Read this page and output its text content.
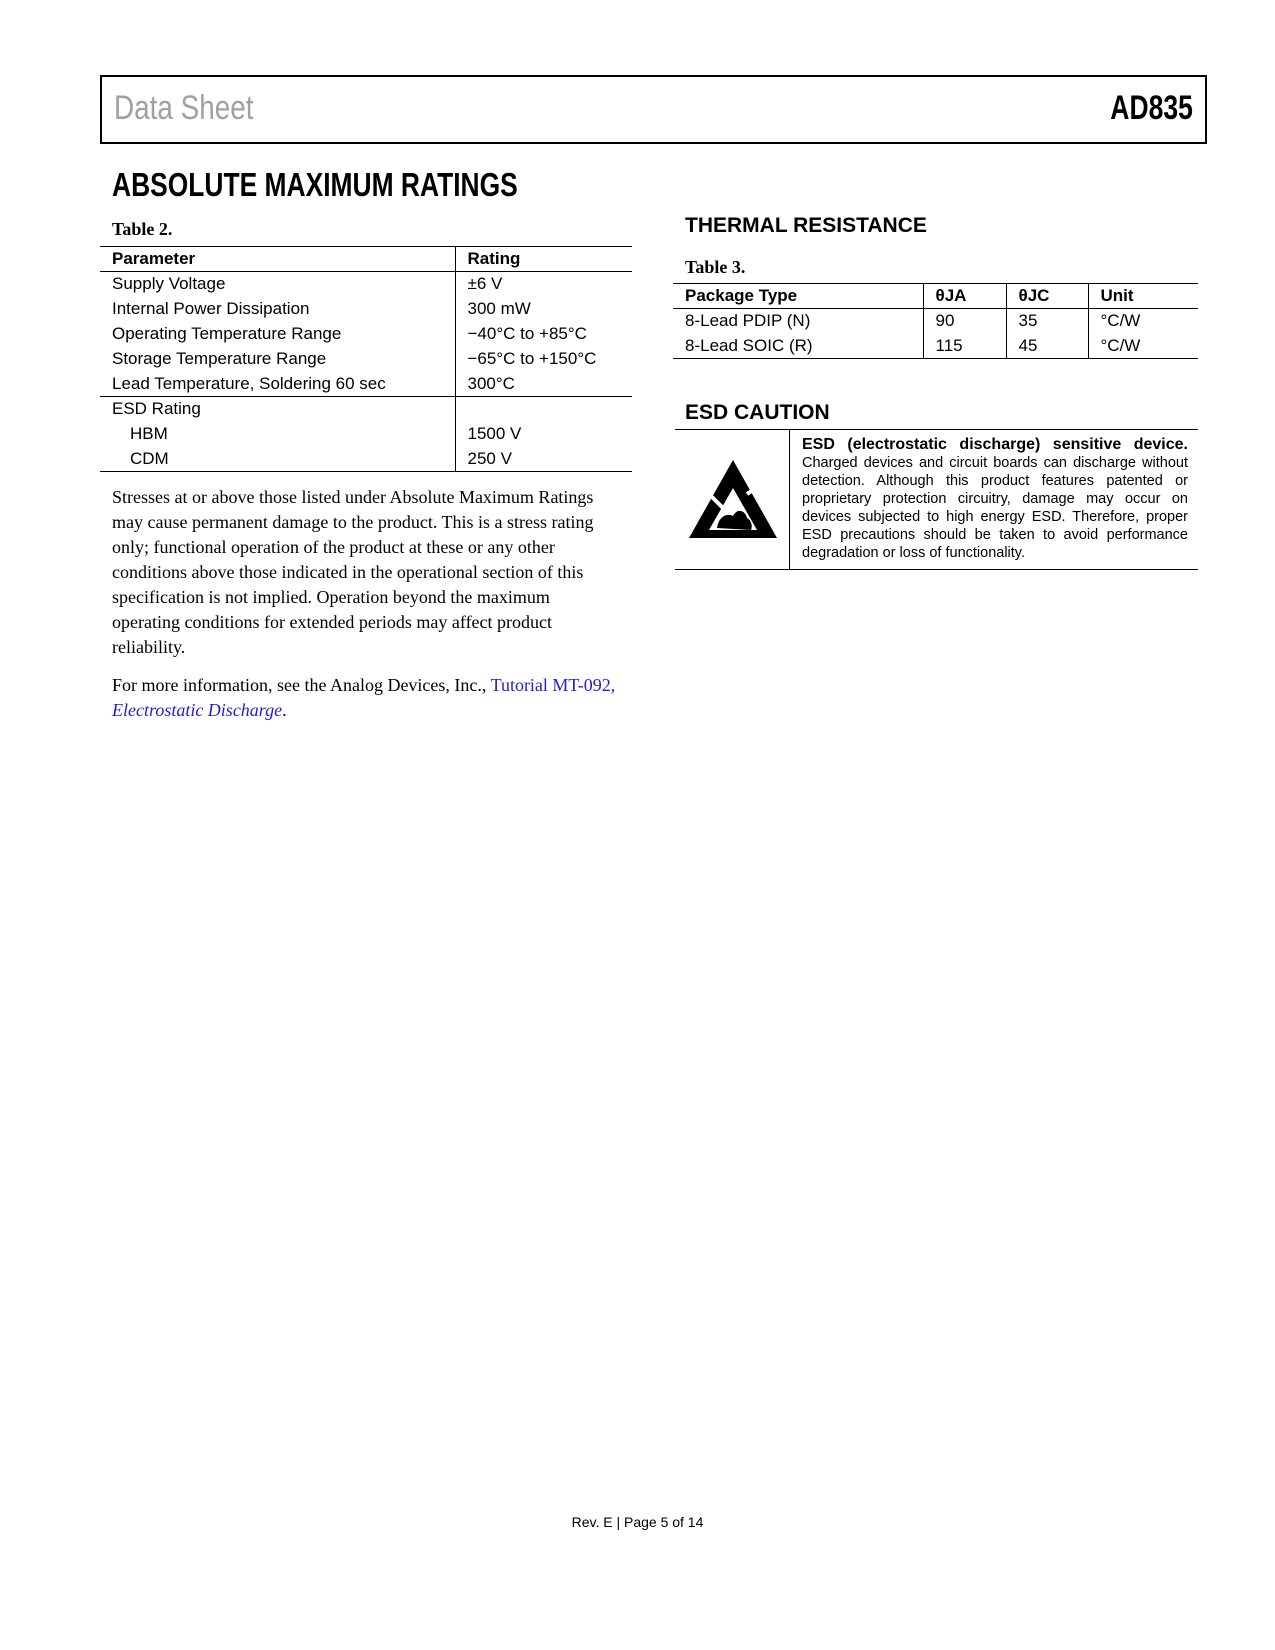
Data Sheet	AD835
ABSOLUTE MAXIMUM RATINGS
Table 2.
Parameter	Rating
Supply Voltage	±6 V
Internal Power Dissipation	300 mW
Operating Temperature Range	−40°C to +85°C
Storage Temperature Range	−65°C to +150°C
Lead Temperature, Soldering 60 sec	300°C
ESD Rating	
HBM	1500 V
CDM	250 V

Stresses at or above those listed under Absolute Maximum Ratings may cause permanent damage to the product. This is a stress rating only; functional operation of the product at these or any other conditions above those indicated in the operational section of this specification is not implied. Operation beyond the maximum operating conditions for extended periods may affect product reliability.

For more information, see the Analog Devices, Inc., Tutorial MT-092, Electrostatic Discharge.

THERMAL RESISTANCE
Table 3.
Package Type	θJA	θJC	Unit
8-Lead PDIP (N)	90	35	°C/W
8-Lead SOIC (R)	115	45	°C/W
ESD CAUTION
ESD (electrostatic discharge) sensitive device. Charged devices and circuit boards can discharge without detection. Although this product features patented or proprietary protection circuitry, damage may occur on devices subjected to high energy ESD. Therefore, proper ESD precautions should be taken to avoid performance degradation or loss of functionality.
Rev. E | Page 5 of 14
